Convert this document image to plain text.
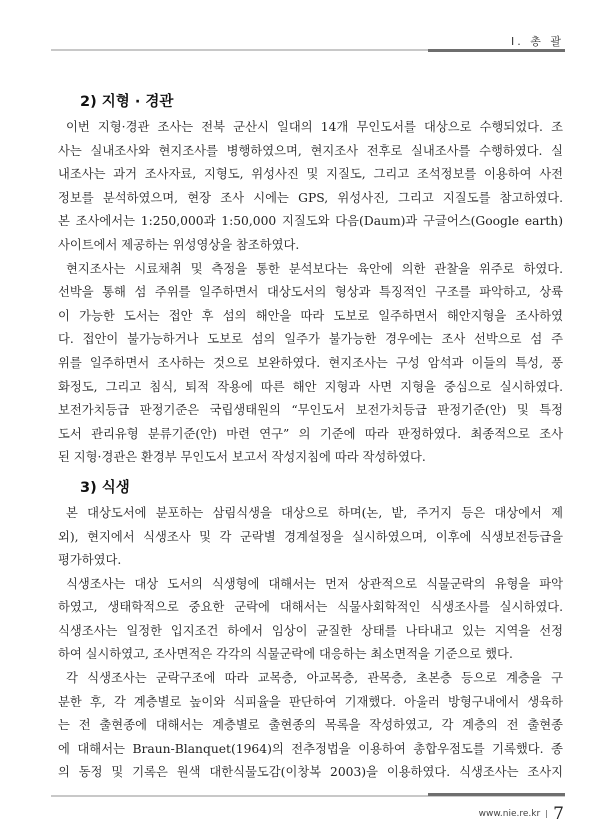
Ⅰ. 총 괄
2) 지형 · 경관
이번 지형·경관 조사는 전북 군산시 일대의 14개 무인도서를 대상으로 수행되었다. 조
사는 실내조사와 현지조사를 병행하였으며, 현지조사 전후로 실내조사를 수행하였다. 실
내조사는 과거 조사자료, 지형도, 위성사진 및 지질도, 그리고 조석정보를 이용하여 사전
정보를 분석하였으며, 현장 조사 시에는 GPS, 위성사진, 그리고 지질도를 참고하였다.
본 조사에서는 1:250,000과 1:50,000 지질도와 다음(Daum)과 구글어스(Google earth)
사이트에서 제공하는 위성영상을 참조하였다.
현지조사는 시료채취 및 측정을 통한 분석보다는 육안에 의한 관찰을 위주로 하였다.
선박을 통해 섬 주위를 일주하면서 대상도서의 형상과 특징적인 구조를 파악하고, 상륙
이 가능한 도서는 접안 후 섬의 해안을 따라 도보로 일주하면서 해안지형을 조사하였
다. 접안이 불가능하거나 도보로 섬의 일주가 불가능한 경우에는 조사 선박으로 섬 주
위를 일주하면서 조사하는 것으로 보완하였다. 현지조사는 구성 암석과 이들의 특성, 풍
화정도, 그리고 침식, 퇴적 작용에 따른 해안 지형과 사면 지형을 중심으로 실시하였다.
보전가치등급 판정기준은 국립생태원의 “무인도서 보전가치등급 판정기준(안) 및 특정
도서 관리유형 분류기준(안) 마련 연구” 의 기준에 따라 판정하였다. 최종적으로 조사
된 지형·경관은 환경부 무인도서 보고서 작성지침에 따라 작성하였다.
3) 식생
본 대상도서에 분포하는 삼림식생을 대상으로 하며(논, 밭, 주거지 등은 대상에서 제
외), 현지에서 식생조사 및 각 군락별 경계설정을 실시하였으며, 이후에 식생보전등급을
평가하였다.
식생조사는 대상 도서의 식생형에 대해서는 먼저 상관적으로 식물군락의 유형을 파악
하였고, 생태학적으로 중요한 군락에 대해서는 식물사회학적인 식생조사를 실시하였다.
식생조사는 일정한 입지조건 하에서 임상이 균질한 상태를 나타내고 있는 지역을 선정
하여 실시하였고, 조사면적은 각각의 식물군락에 대응하는 최소면적을 기준으로 했다.
각 식생조사는 군락구조에 따라 교목층, 아교목층, 관목층, 초본층 등으로 계층을 구
분한 후, 각 계층별로 높이와 식피율을 판단하여 기재했다. 아울러 방형구내에서 생육하
는 전 출현종에 대해서는 계층별로 출현종의 목록을 작성하였고, 각 계층의 전 출현종
에 대해서는 Braun-Blanquet(1964)의 전추정법을 이용하여 총합우점도를 기록했다. 종
의 동정 및 기록은 원색 대한식물도감(이창복 2003)을 이용하였다. 식생조사는 조사지
www.nie.re.kr 7
